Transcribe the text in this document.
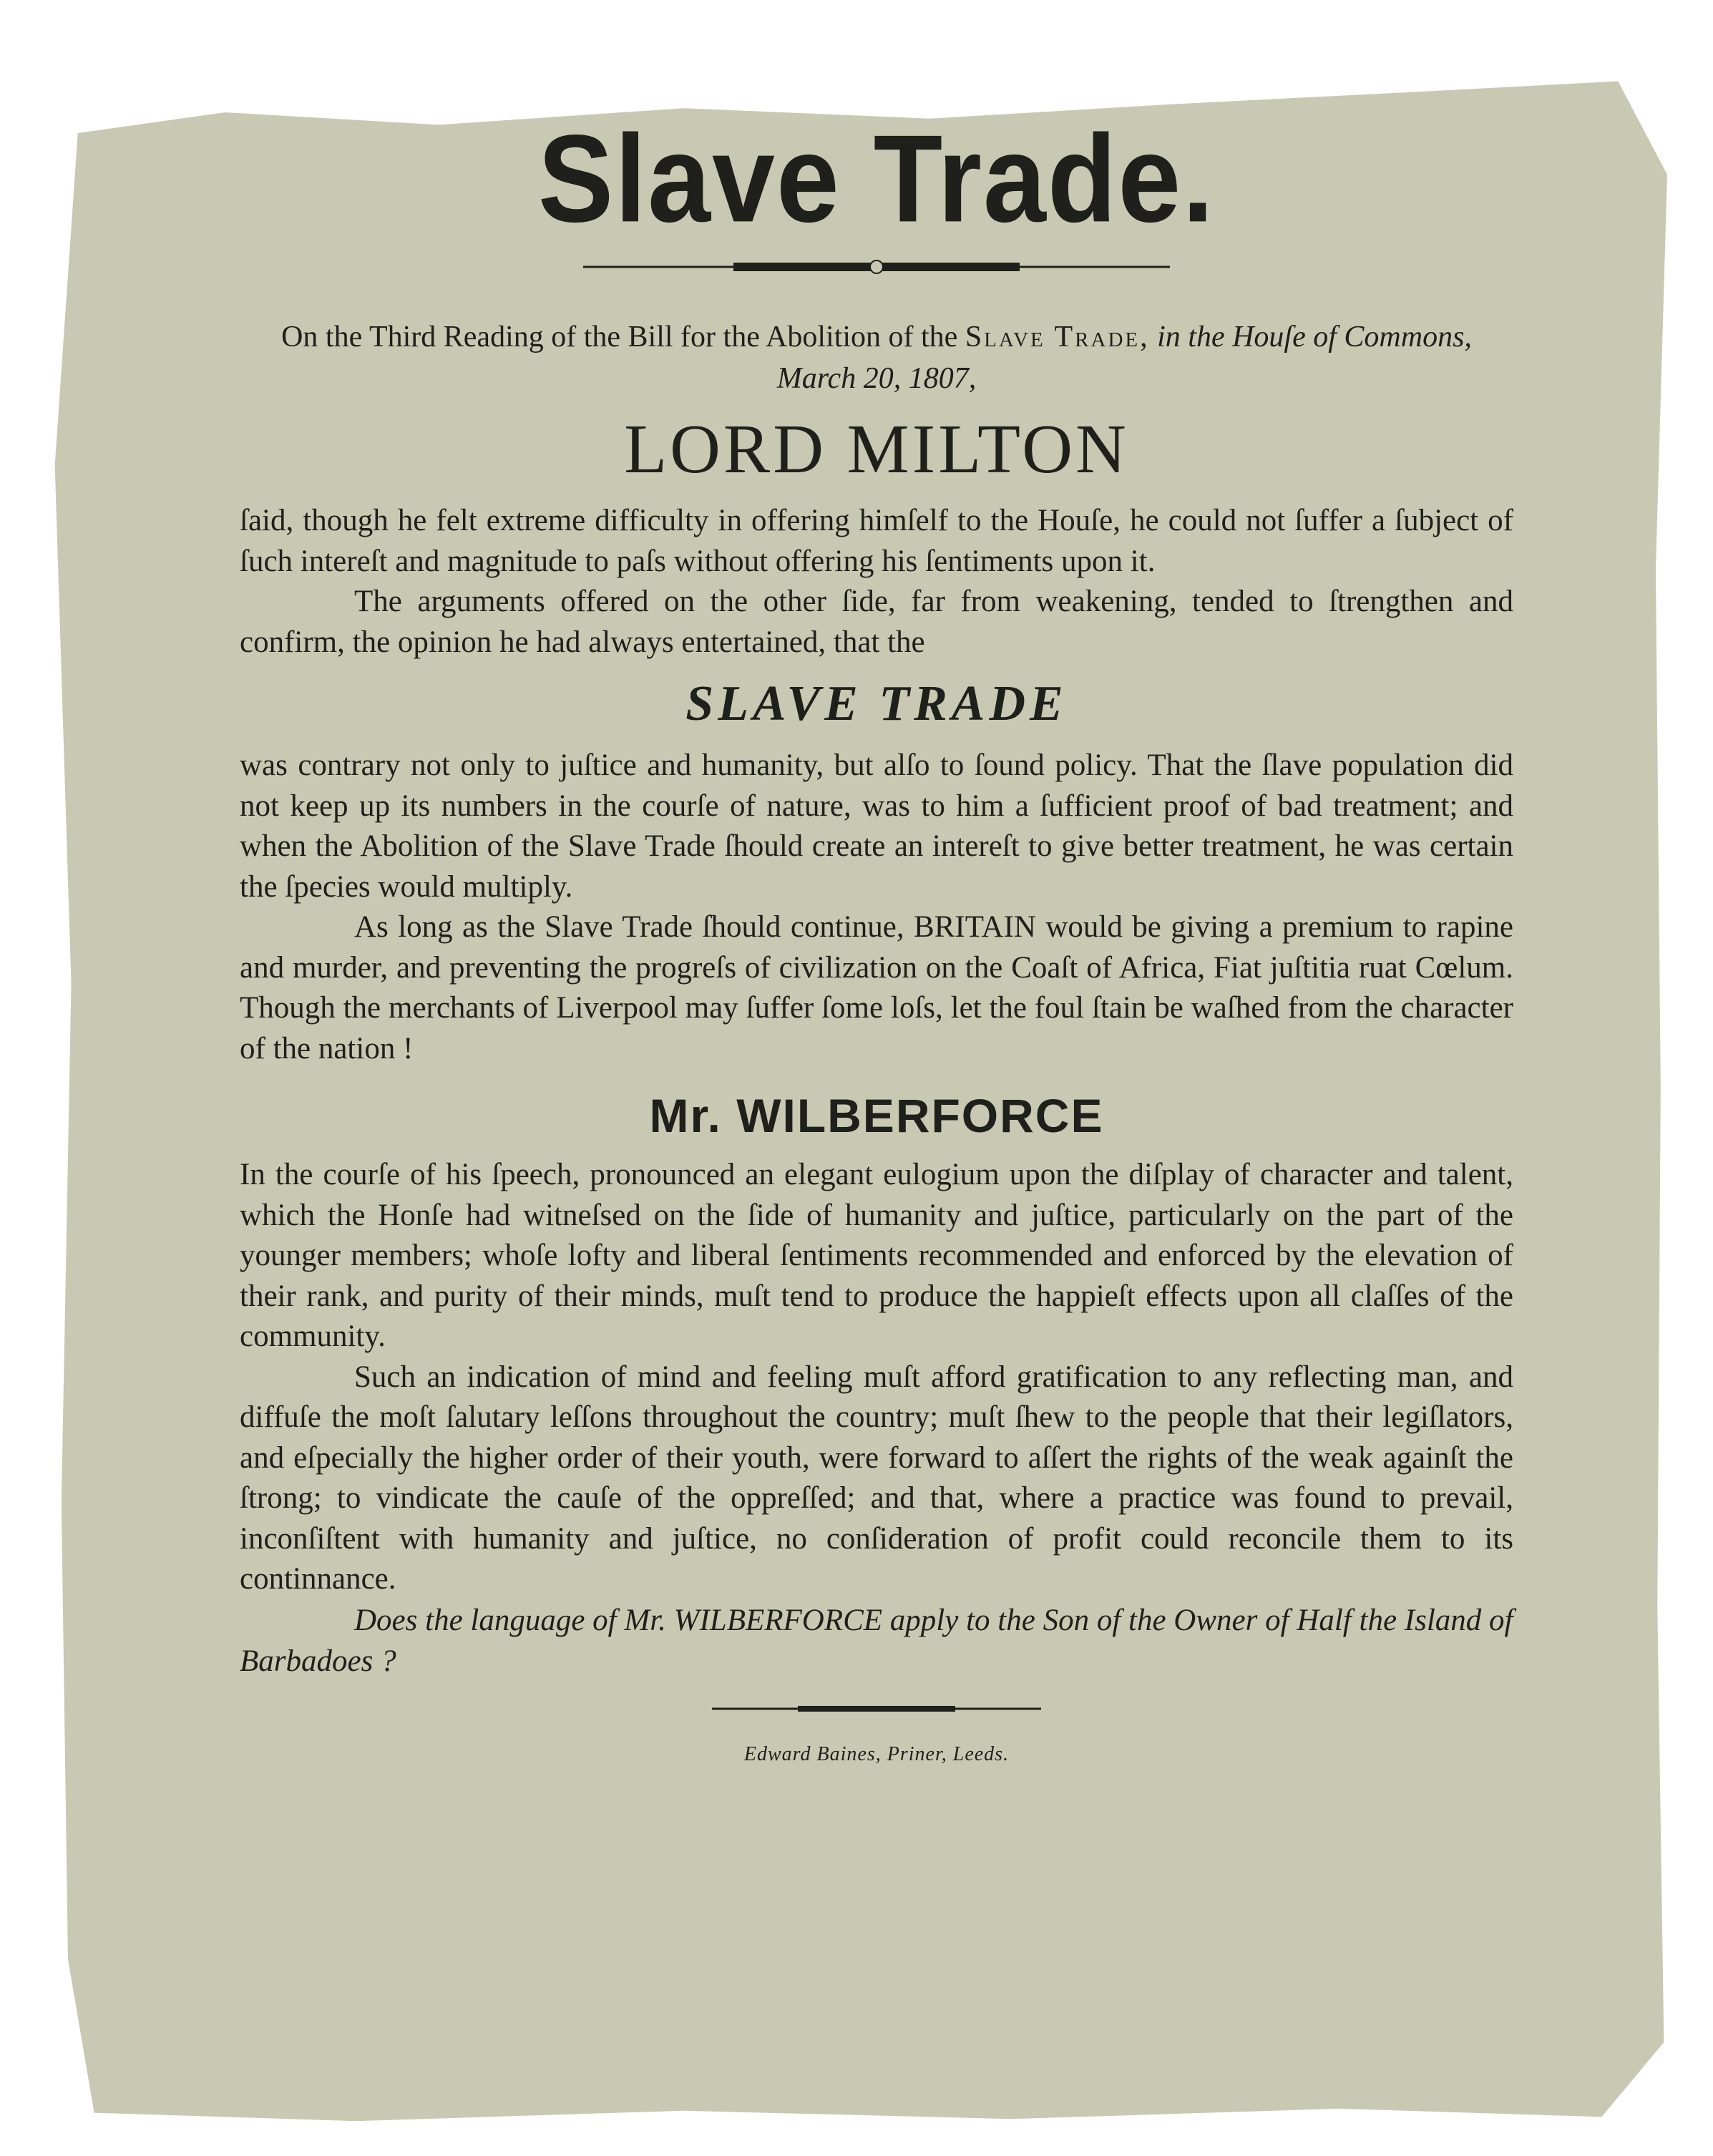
Slave Trade.

On the Third Reading of the Bill for the Abolition of the Slave Trade, in the Houſe of Commons, March 20, 1807,

LORD MILTON

ſaid, though he felt extreme difficulty in offering himſelf to the Houſe, he could not ſuffer a ſubject of ſuch intereſt and magnitude to paſs without offering his ſentiments upon it.

The arguments offered on the other ſide, far from weakening, tended to ſtrengthen and confirm, the opinion he had always entertained, that the

SLAVE TRADE

was contrary not only to juſtice and humanity, but alſo to ſound policy. That the ſlave population did not keep up its numbers in the courſe of nature, was to him a ſufficient proof of bad treatment; and when the Abolition of the Slave Trade ſhould create an intereſt to give better treatment, he was certain the ſpecies would multiply.

As long as the Slave Trade ſhould continue, BRITAIN would be giving a premium to rapine and murder, and preventing the progreſs of civilization on the Coaſt of Africa, Fiat juſtitia ruat Cœlum. Though the merchants of Liverpool may ſuffer ſome loſs, let the foul ſtain be waſhed from the character of the nation !

Mr. WILBERFORCE

In the courſe of his ſpeech, pronounced an elegant eulogium upon the diſplay of character and talent, which the Honſe had witneſsed on the ſide of humanity and juſtice, particularly on the part of the younger members; whoſe lofty and liberal ſentiments recommended and enforced by the elevation of their rank, and purity of their minds, muſt tend to produce the happieſt effects upon all claſſes of the community.

Such an indication of mind and feeling muſt afford gratification to any reflecting man, and diffuſe the moſt ſalutary leſſons throughout the country; muſt ſhew to the people that their legiſlators, and eſpecially the higher order of their youth, were forward to aſſert the rights of the weak againſt the ſtrong; to vindicate the cauſe of the oppreſſed; and that, where a practice was found to prevail, inconſiſtent with humanity and juſtice, no conſideration of profit could reconcile them to its continnance.

Does the language of Mr. WILBERFORCE apply to the Son of the Owner of Half the Island of Barbadoes ?

Edward Baines, Priner, Leeds.
